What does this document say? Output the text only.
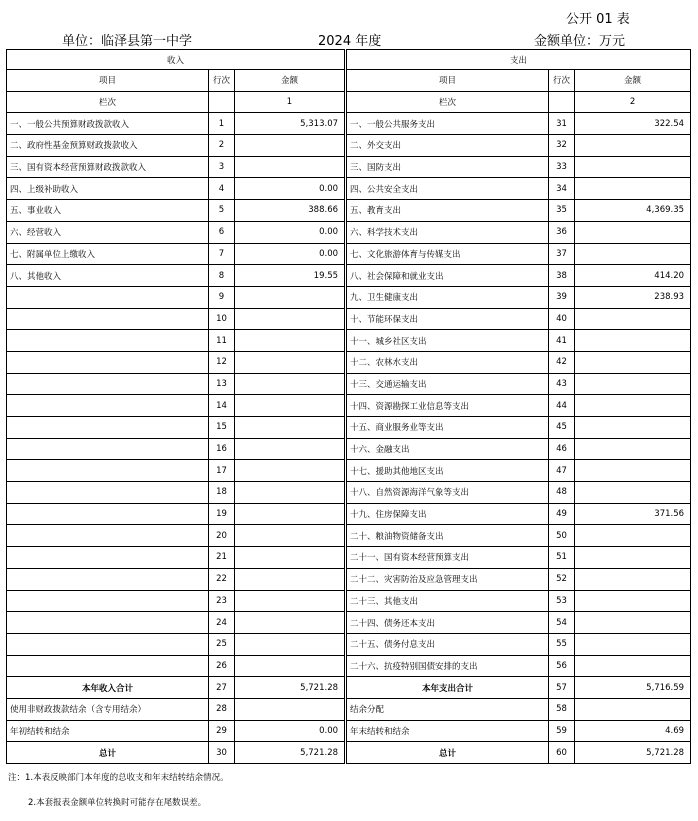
公开 01 表
单位：临泽县第一中学	2024 年度	金额单位：万元
收入				支出		
项目	行次	金额		项目	行次	金额
栏次		1		栏次		2
一、一般公共预算财政拨款收入	1	5,313.07		一、一般公共服务支出	31	322.54
二、政府性基金预算财政拨款收入	2			二、外交支出	32	
三、国有资本经营预算财政拨款收入	3			三、国防支出	33	
四、上级补助收入	4	0.00		四、公共安全支出	34	
五、事业收入	5	388.66		五、教育支出	35	4,369.35
六、经营收入	6	0.00		六、科学技术支出	36	
七、附属单位上缴收入	7	0.00		七、文化旅游体育与传媒支出	37	
八、其他收入	8	19.55		八、社会保障和就业支出	38	414.20
	9			九、卫生健康支出	39	238.93
	10			十、节能环保支出	40	
	11			十一、城乡社区支出	41	
	12			十二、农林水支出	42	
	13			十三、交通运输支出	43	
	14			十四、资源勘探工业信息等支出	44	
	15			十五、商业服务业等支出	45	
	16			十六、金融支出	46	
	17			十七、援助其他地区支出	47	
	18			十八、自然资源海洋气象等支出	48	
	19			十九、住房保障支出	49	371.56
	20			二十、粮油物资储备支出	50	
	21			二十一、国有资本经营预算支出	51	
	22			二十二、灾害防治及应急管理支出	52	
	23			二十三、其他支出	53	
	24			二十四、债务还本支出	54	
	25			二十五、债务付息支出	55	
	26			二十六、抗疫特别国债安排的支出	56	
本年收入合计	27	5,721.28		本年支出合计	57	5,716.59
使用非财政拨款结余（含专用结余）	28			结余分配	58	
年初结转和结余	29	0.00		年末结转和结余	59	4.69
总计	30	5,721.28		总计	60	5,721.28
注：1.本表反映部门本年度的总收支和年末结转结余情况。
2.本套报表金额单位转换时可能存在尾数误差。
